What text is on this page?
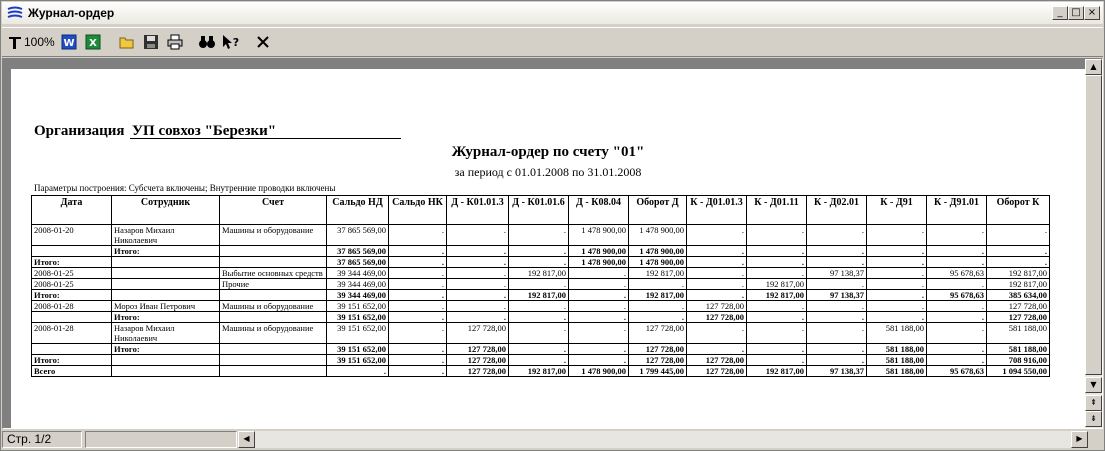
Журнал-ордер	_ □ ×
100% W X	?
Организация УП совхоз "Березки"
Журнал-ордер по счету "01"
за период с 01.01.2008 по 31.01.2008
Параметры построения: Субсчета включены; Внутренние проводки включены
Дата	Сотрудник	Счет	Сальдо НД	Сальдо НК	Д - К01.01.3	Д - К01.01.6	Д - К08.04	Оборот Д	К - Д01.01.3	К - Д01.11	К - Д02.01	К - Д91	К - Д91.01	Оборот К
2008-01-20	Назаров Михаил Николаевич	Машины и оборудование	37 865 569,00	.	.	.	1 478 900,00	1 478 900,00	.	.	.	.	.	.
	Итого:		37 865 569,00	.	.	.	1 478 900,00	1 478 900,00	.	.	.	.	.	.
Итого:			37 865 569,00	.	.	.	1 478 900,00	1 478 900,00	.	.	.	.	.	.
2008-01-25		Выбытие основных средств	39 344 469,00	.	.	192 817,00	.	192 817,00	.	.	97 138,37	.	95 678,63	192 817,00
2008-01-25		Прочие	39 344 469,00	.	.	.	.	.	.	192 817,00	.	.	.	192 817,00
Итого:			39 344 469,00	.	.	192 817,00	.	192 817,00	.	192 817,00	97 138,37	.	95 678,63	385 634,00
2008-01-28	Мороз Иван Петрович	Машины и оборудование	39 151 652,00	.	.	.	.	.	127 728,00	.	.	.	.	127 728,00
	Итого:		39 151 652,00	.	.	.	.	.	127 728,00	.	.	.	.	127 728,00
2008-01-28	Назаров Михаил Николаевич	Машины и оборудование	39 151 652,00	.	127 728,00	.	.	127 728,00	.	.	.	581 188,00	.	581 188,00
	Итого:		39 151 652,00	.	127 728,00	.	.	127 728,00	.	.	.	581 188,00	.	581 188,00
Итого:			39 151 652,00	.	127 728,00	.	.	127 728,00	127 728,00	.	.	581 188,00	.	708 916,00
Всего			.	.	127 728,00	192 817,00	1 478 900,00	1 799 445,00	127 728,00	192 817,00	97 138,37	581 188,00	95 678,63	1 094 550,00
▲
▼
⇞
⇟
Стр. 1/2	◀	▶
